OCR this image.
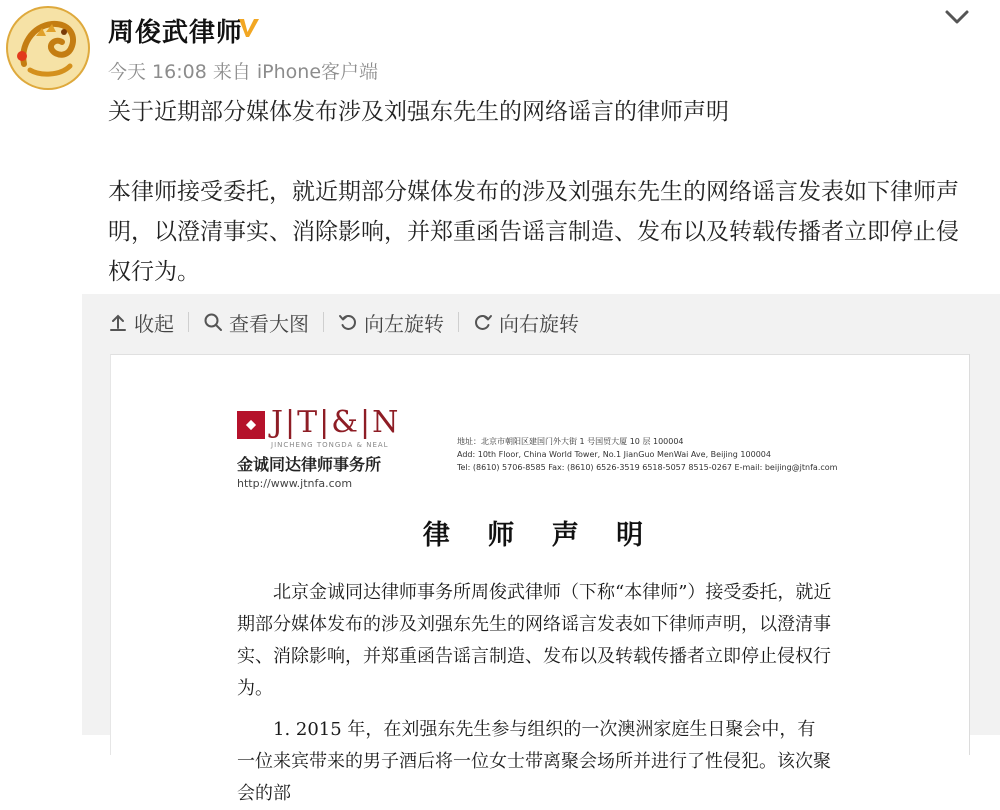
周俊武律师
今天 16:08 来自 iPhone客户端

关于近期部分媒体发布涉及刘强东先生的网络谣言的律师声明

本律师接受委托，就近期部分媒体发布的涉及刘强东先生的网络谣言发表如下律师声明，以澄清事实、消除影响，并郑重函告谣言制造、发布以及转载传播者立即停止侵权行为。

收起	查看大图	向左旋转	向右旋转
J|T|&|N
JINCHENG TONGDA & NEAL
金诚同达律师事务所
http://www.jtnfa.com
地址：北京市朝阳区建国门外大街 1 号国贸大厦 10 层 100004
Add: 10th Floor, China World Tower, No.1 JianGuo MenWai Ave, Beijing 100004
Tel: (8610) 5706-8585 Fax: (8610) 6526-3519 6518-5057 8515-0267 E-mail: beijing@jtnfa.com
律 师 声 明

北京金诚同达律师事务所周俊武律师（下称“本律师”）接受委托，就近期部分媒体发布的涉及刘强东先生的网络谣言发表如下律师声明，以澄清事实、消除影响，并郑重函告谣言制造、发布以及转载传播者立即停止侵权行为。

1. 2015 年，在刘强东先生参与组织的一次澳洲家庭生日聚会中，有一位来宾带来的男子酒后将一位女士带离聚会场所并进行了性侵犯。该次聚会的部
